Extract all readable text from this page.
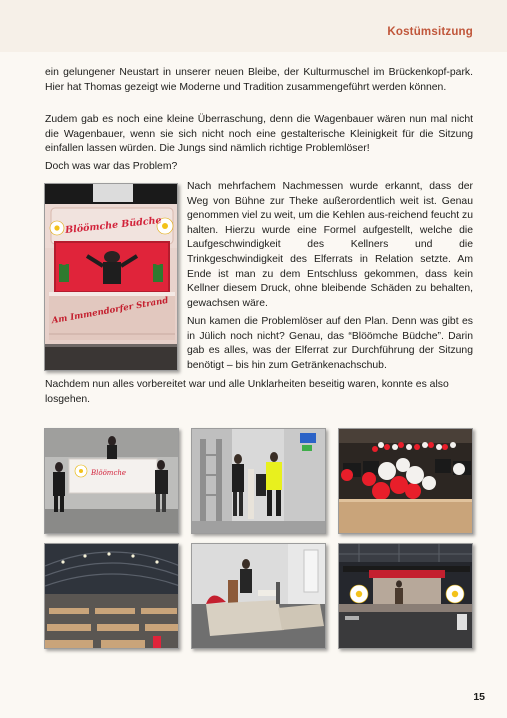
Kostümsitzung

ein gelungener Neustart in unserer neuen Bleibe, der Kulturmuschel im Brückenkopf-park. Hier hat Thomas gezeigt wie Moderne und Tradition zusammengeführt werden können.

Zudem gab es noch eine kleine Überraschung, denn die Wagenbauer wären nun mal nicht die Wagenbauer, wenn sie sich nicht noch eine gestalterische Kleinigkeit für die Sitzung einfallen lassen würden. Die Jungs sind nämlich richtige Problemlöser!

Doch was war das Problem?

Nach mehrfachem Nachmessen wurde erkannt, dass der Weg von Bühne zur Theke außerordentlich weit ist. Genau genommen viel zu weit, um die Kehlen aus-reichend feucht zu halten. Hierzu wurde eine Formel aufgestellt, welche die Laufgeschwindigkeit des Kellners und die Trinkgeschwindigkeit des Elferrats in Relation setzte. Am Ende ist man zu dem Entschluss gekommen, dass kein Kellner diesem Druck, ohne bleibende Schäden zu behalten, gewachsen wäre.

Nun kamen die Problemlöser auf den Plan. Denn was gibt es in Jülich noch nicht? Genau, das “Blöömche Büdche”. Darin gab es alles, was der Elferrat zur Durchführung der Sitzung benötigt – bis hin zum Getränkenachschub.

Nachdem nun alles vorbereitet war und alle Unklarheiten beseitig waren, konnte es also losgehen.

Blöömche Büdche
Am Immendorfer Strand
Blöömche
15
